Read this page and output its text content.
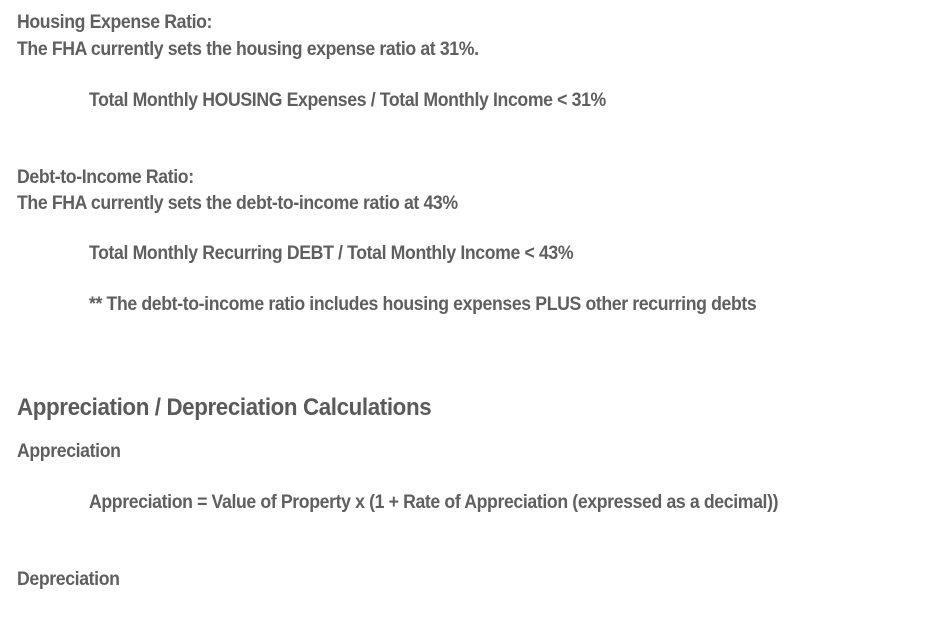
Housing Expense Ratio:
The FHA currently sets the housing expense ratio at 31%.
Total Monthly HOUSING Expenses / Total Monthly Income < 31%
Debt-to-Income Ratio:
The FHA currently sets the debt-to-income ratio at 43%
Total Monthly Recurring DEBT / Total Monthly Income < 43%
** The debt-to-income ratio includes housing expenses PLUS other recurring debts
Appreciation / Depreciation Calculations
Appreciation
Appreciation = Value of Property x (1 + Rate of Appreciation (expressed as a decimal))
Depreciation
